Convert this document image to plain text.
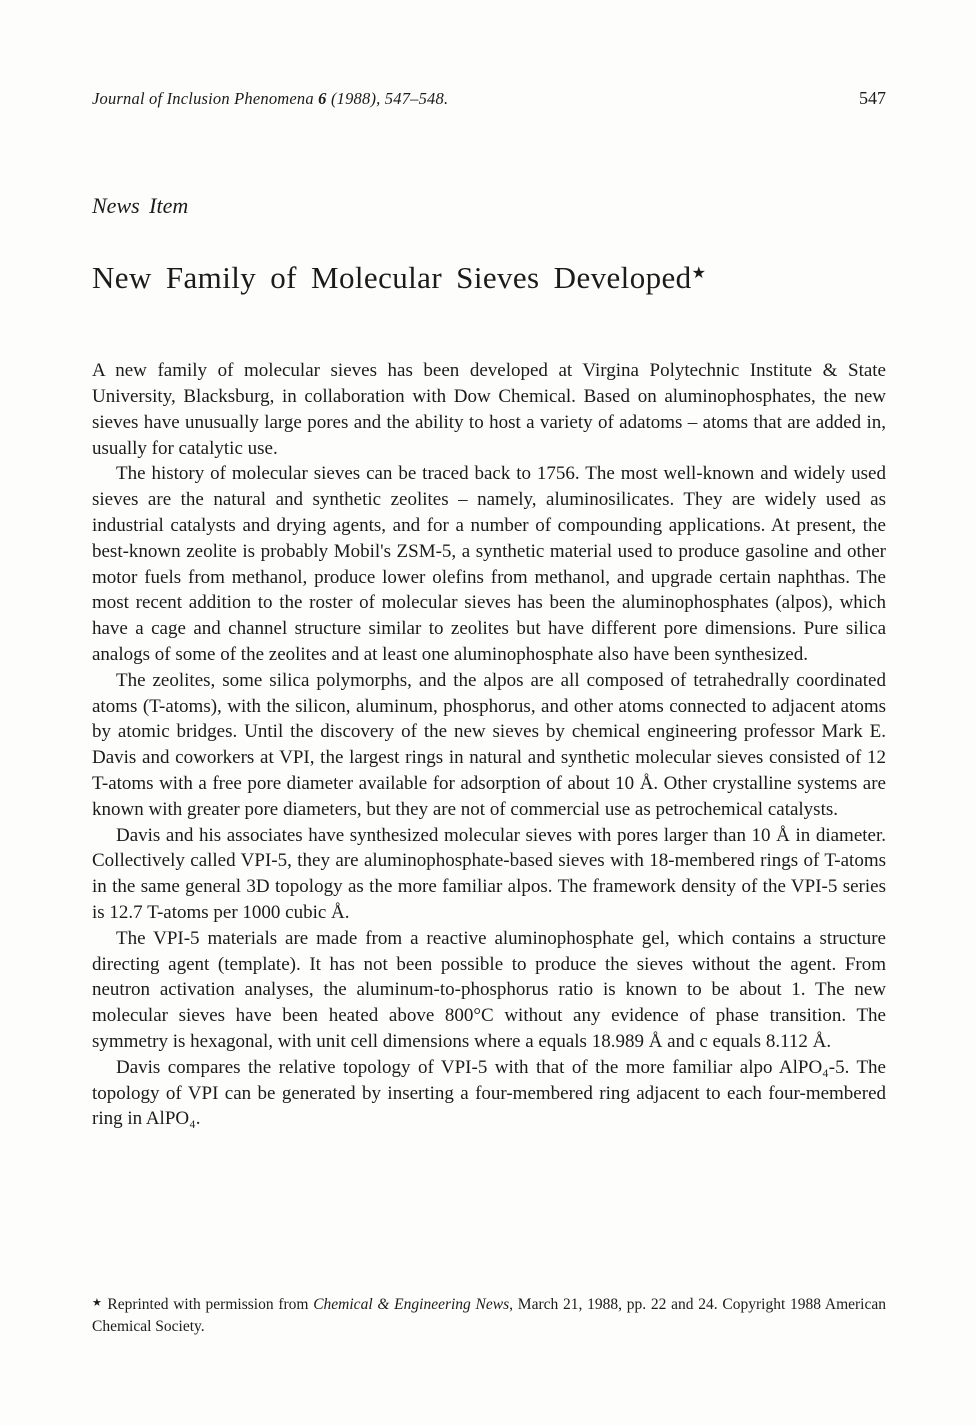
Journal of Inclusion Phenomena 6 (1988), 547–548.	547
News Item
New Family of Molecular Sieves Developed★

A new family of molecular sieves has been developed at Virgina Polytechnic Institute & State University, Blacksburg, in collaboration with Dow Chemical. Based on aluminophosphates, the new sieves have unusually large pores and the ability to host a variety of adatoms – atoms that are added in, usually for catalytic use.

The history of molecular sieves can be traced back to 1756. The most well-known and widely used sieves are the natural and synthetic zeolites – namely, aluminosilicates. They are widely used as industrial catalysts and drying agents, and for a number of compounding applications. At present, the best-known zeolite is probably Mobil's ZSM-5, a synthetic material used to produce gasoline and other motor fuels from methanol, produce lower olefins from methanol, and upgrade certain naphthas. The most recent addition to the roster of molecular sieves has been the aluminophosphates (alpos), which have a cage and channel structure similar to zeolites but have different pore dimensions. Pure silica analogs of some of the zeolites and at least one aluminophosphate also have been synthesized.

The zeolites, some silica polymorphs, and the alpos are all composed of tetrahedrally coordinated atoms (T-atoms), with the silicon, aluminum, phosphorus, and other atoms connected to adjacent atoms by atomic bridges. Until the discovery of the new sieves by chemical engineering professor Mark E. Davis and coworkers at VPI, the largest rings in natural and synthetic molecular sieves consisted of 12 T-atoms with a free pore diameter available for adsorption of about 10 Å. Other crystalline systems are known with greater pore diameters, but they are not of commercial use as petrochemical catalysts.

Davis and his associates have synthesized molecular sieves with pores larger than 10 Å in diameter. Collectively called VPI-5, they are aluminophosphate-based sieves with 18-membered rings of T-atoms in the same general 3D topology as the more familiar alpos. The framework density of the VPI-5 series is 12.7 T-atoms per 1000 cubic Å.

The VPI-5 materials are made from a reactive aluminophosphate gel, which contains a structure directing agent (template). It has not been possible to produce the sieves without the agent. From neutron activation analyses, the aluminum-to-phosphorus ratio is known to be about 1. The new molecular sieves have been heated above 800°C without any evidence of phase transition. The symmetry is hexagonal, with unit cell dimensions where a equals 18.989 Å and c equals 8.112 Å.

Davis compares the relative topology of VPI-5 with that of the more familiar alpo AlPO₄-5. The topology of VPI can be generated by inserting a four-membered ring adjacent to each four-membered ring in AlPO₄.

★ Reprinted with permission from Chemical & Engineering News, March 21, 1988, pp. 22 and 24. Copyright 1988 American Chemical Society.
